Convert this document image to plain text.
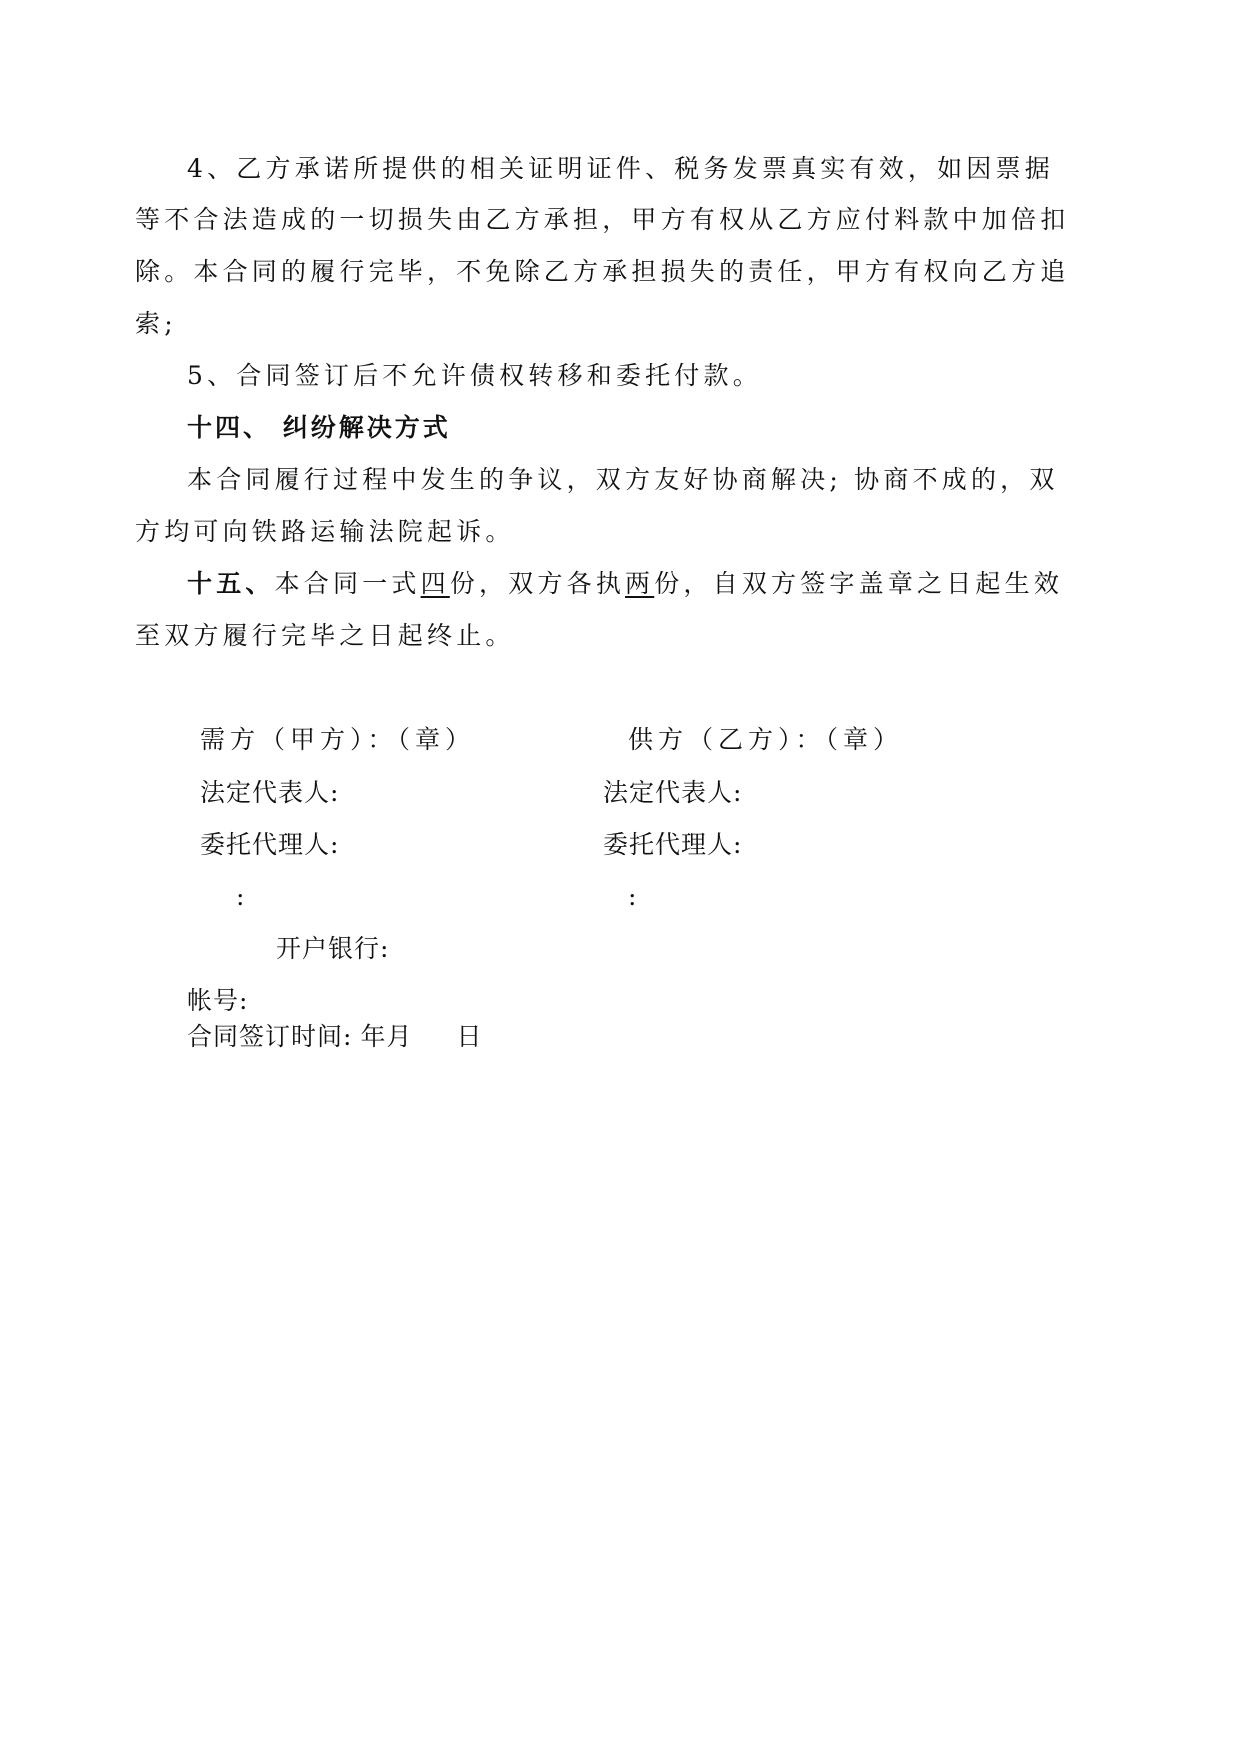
4、乙方承诺所提供的相关证明证件、税务发票真实有效，如因票据
等不合法造成的一切损失由乙方承担，甲方有权从乙方应付料款中加倍扣
除。本合同的履行完毕，不免除乙方承担损失的责任，甲方有权向乙方追
索;
5、合同签订后不允许债权转移和委托付款。
十四、 纠纷解决方式
本合同履行过程中发生的争议，双方友好协商解决; 协商不成的，双
方均可向铁路运输法院起诉。
十五、本合同一式四份，双方各执两份，自双方签字盖章之日起生效
至双方履行完毕之日起终止。
需方（甲方）：（章）	供方（乙方）：（章）
法定代表人:	法定代表人:
委托代理人:	委托代理人:
:	:
开户银行:
帐号:
合同签订时间: 年月 日
